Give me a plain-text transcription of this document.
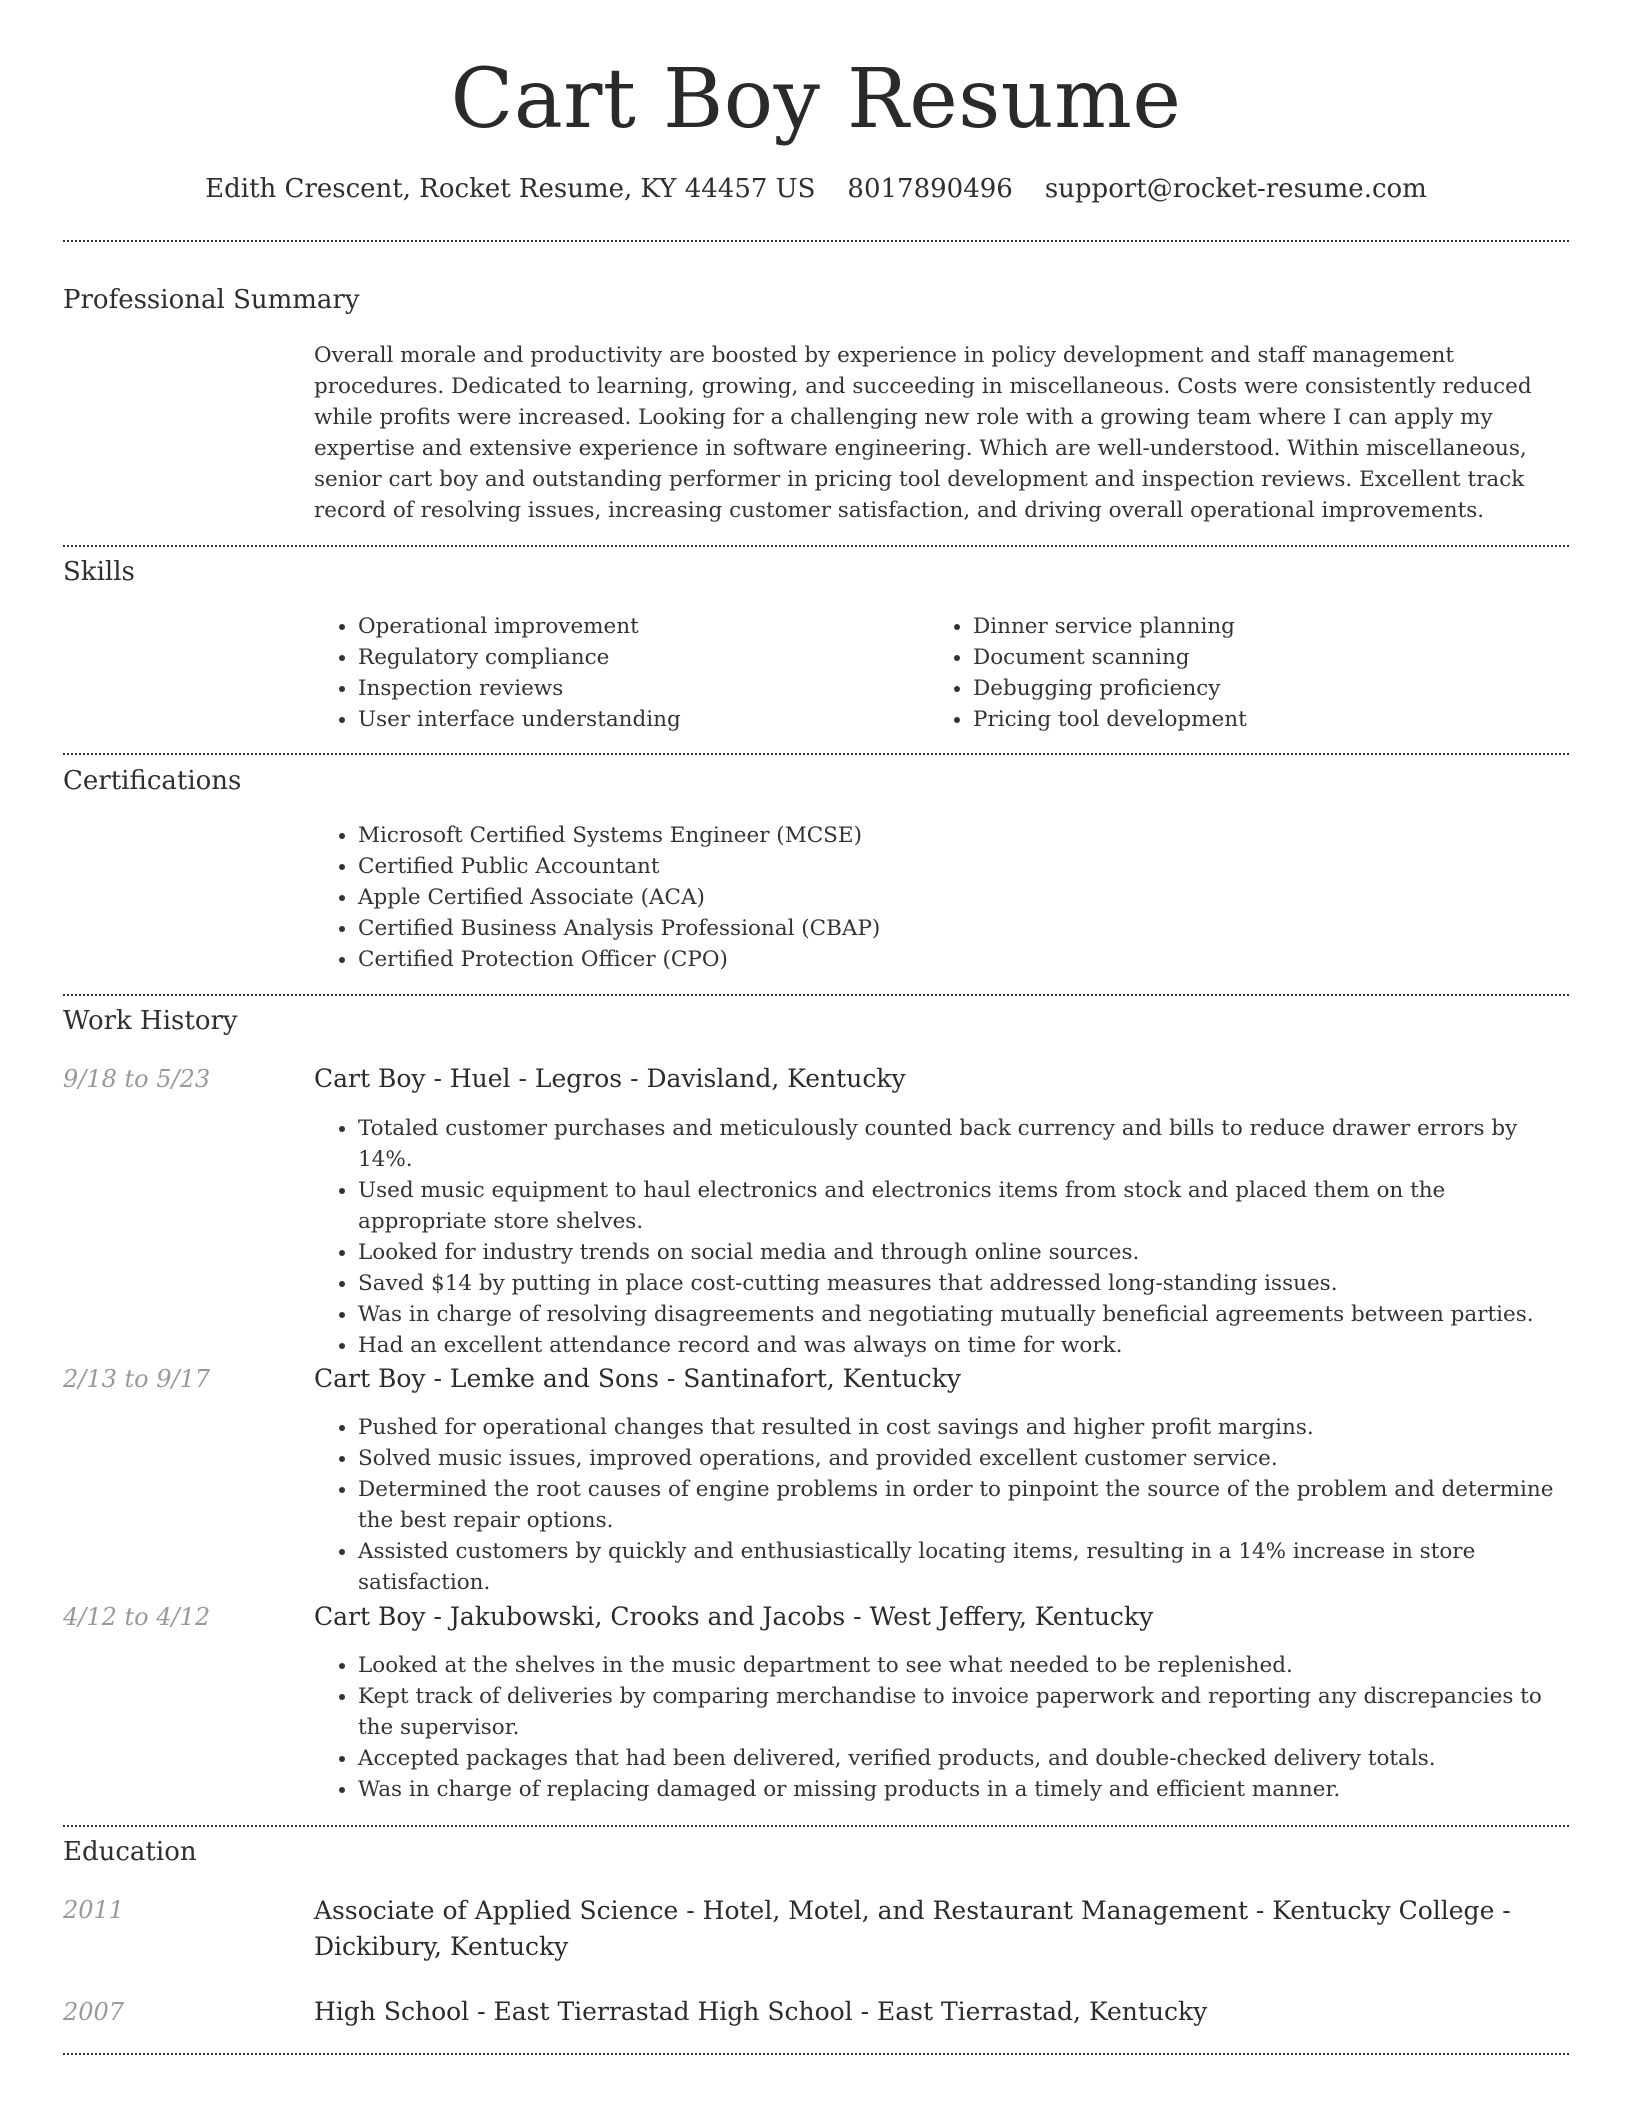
Cart Boy Resume
Edith Crescent, Rocket Resume, KY 44457 US 8017890496 support@rocket-resume.com
Professional Summary

Overall morale and productivity are boosted by experience in policy development and staff management procedures. Dedicated to learning, growing, and succeeding in miscellaneous. Costs were consistently reduced while profits were increased. Looking for a challenging new role with a growing team where I can apply my expertise and extensive experience in software engineering. Which are well-understood. Within miscellaneous, senior cart boy and outstanding performer in pricing tool development and inspection reviews. Excellent track record of resolving issues, increasing customer satisfaction, and driving overall operational improvements.

Skills
• Operational improvement
• Regulatory compliance
• Inspection reviews
• User interface understanding
• Dinner service planning
• Document scanning
• Debugging proficiency
• Pricing tool development
Certifications
• Microsoft Certified Systems Engineer (MCSE)
• Certified Public Accountant
• Apple Certified Associate (ACA)
• Certified Business Analysis Professional (CBAP)
• Certified Protection Officer (CPO)
Work History
9/18 to 5/23	Cart Boy - Huel - Legros - Davisland, Kentucky
• Totaled customer purchases and meticulously counted back currency and bills to reduce drawer errors by 14%.
• Used music equipment to haul electronics and electronics items from stock and placed them on the appropriate store shelves.
• Looked for industry trends on social media and through online sources.
• Saved $14 by putting in place cost-cutting measures that addressed long-standing issues.
• Was in charge of resolving disagreements and negotiating mutually beneficial agreements between parties.
• Had an excellent attendance record and was always on time for work.
2/13 to 9/17	Cart Boy - Lemke and Sons - Santinafort, Kentucky
• Pushed for operational changes that resulted in cost savings and higher profit margins.
• Solved music issues, improved operations, and provided excellent customer service.
• Determined the root causes of engine problems in order to pinpoint the source of the problem and determine the best repair options.
• Assisted customers by quickly and enthusiastically locating items, resulting in a 14% increase in store satisfaction.
4/12 to 4/12	Cart Boy - Jakubowski, Crooks and Jacobs - West Jeffery, Kentucky
• Looked at the shelves in the music department to see what needed to be replenished.
• Kept track of deliveries by comparing merchandise to invoice paperwork and reporting any discrepancies to the supervisor.
• Accepted packages that had been delivered, verified products, and double-checked delivery totals.
• Was in charge of replacing damaged or missing products in a timely and efficient manner.
Education
2011	Associate of Applied Science - Hotel, Motel, and Restaurant Management - Kentucky College - Dickibury, Kentucky
2007	High School - East Tierrastad High School - East Tierrastad, Kentucky
